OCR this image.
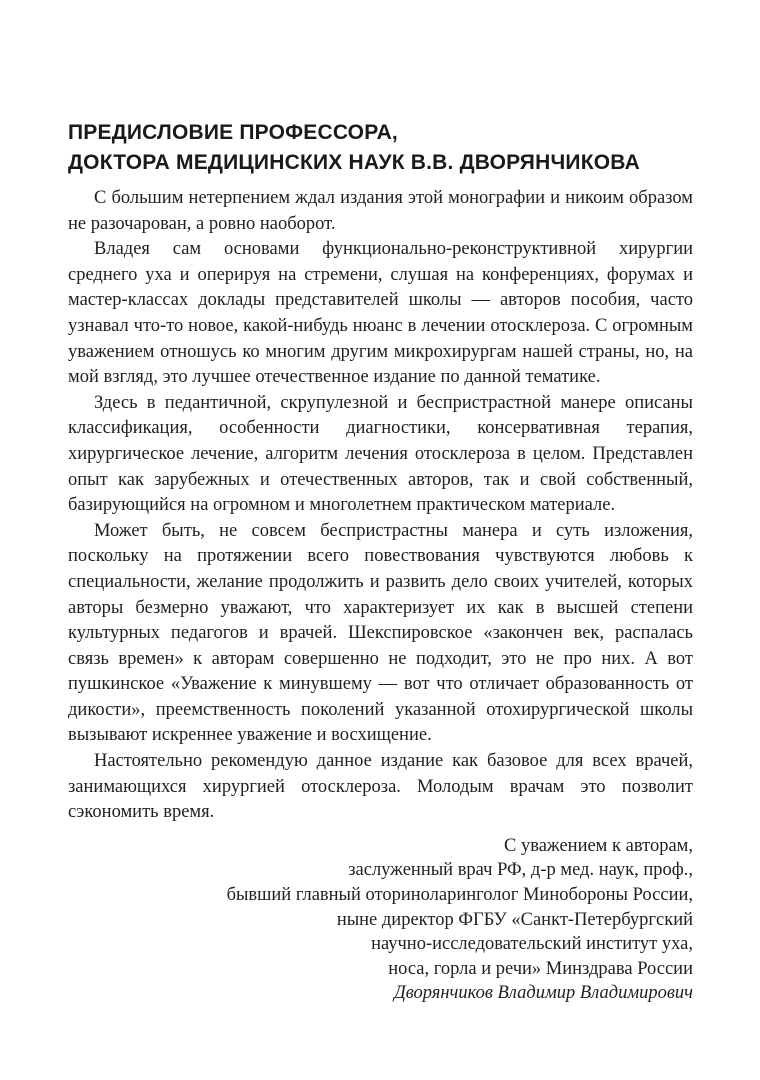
ПРЕДИСЛОВИЕ ПРОФЕССОРА,
ДОКТОРА МЕДИЦИНСКИХ НАУК В.В. ДВОРЯНЧИКОВА

С большим нетерпением ждал издания этой монографии и никоим образом не разочарован, а ровно наоборот.

Владея сам основами функционально-реконструктивной хирургии среднего уха и оперируя на стремени, слушая на конференциях, форумах и мастер-классах доклады представителей школы — авторов пособия, часто узнавал что-то новое, какой-нибудь нюанс в лечении отосклероза. С огромным уважением отношусь ко многим другим микрохирургам нашей страны, но, на мой взгляд, это лучшее отечественное издание по данной тематике.

Здесь в педантичной, скрупулезной и беспристрастной манере описаны классификация, особенности диагностики, консервативная терапия, хирургическое лечение, алгоритм лечения отосклероза в целом. Представлен опыт как зарубежных и отечественных авторов, так и свой собственный, базирующийся на огромном и многолетнем практическом материале.

Может быть, не совсем беспристрастны манера и суть изложения, поскольку на протяжении всего повествования чувствуются любовь к специальности, желание продолжить и развить дело своих учителей, которых авторы безмерно уважают, что характеризует их как в высшей степени культурных педагогов и врачей. Шекспировское «закончен век, распалась связь времен» к авторам совершенно не подходит, это не про них. А вот пушкинское «Уважение к минувшему — вот что отличает образованность от дикости», преемственность поколений указанной отохирургической школы вызывают искреннее уважение и восхищение.

Настоятельно рекомендую данное издание как базовое для всех врачей, занимающихся хирургией отосклероза. Молодым врачам это позволит сэкономить время.

С уважением к авторам,
заслуженный врач РФ, д-р мед. наук, проф.,
бывший главный оториноларинголог Минобороны России,
ныне директор ФГБУ «Санкт-Петербургский
научно-исследовательский институт уха,
носа, горла и речи» Минздрава России
Дворянчиков Владимир Владимирович
